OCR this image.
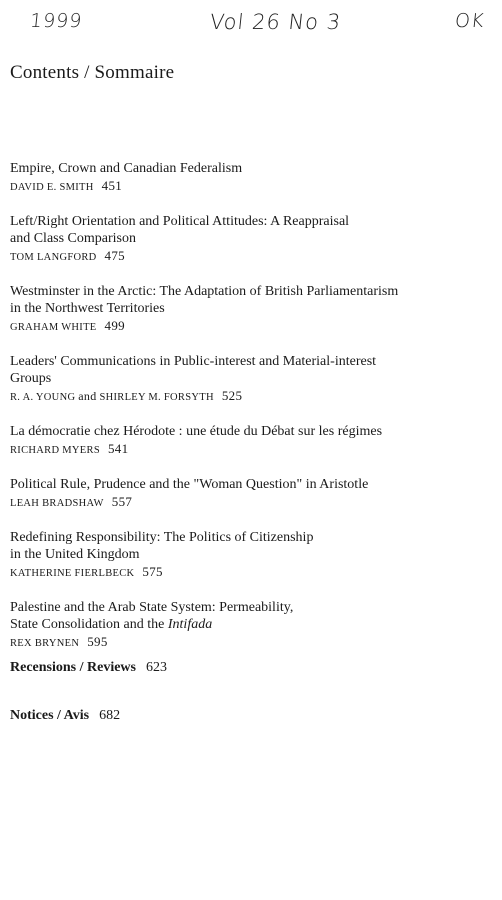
1999	Vol 26 No 3	OK
Contents / Sommaire
Empire, Crown and Canadian Federalism
DAVID E. SMITH 451
Left/Right Orientation and Political Attitudes: A Reappraisal
and Class Comparison
TOM LANGFORD 475
Westminster in the Arctic: The Adaptation of British Parliamentarism
in the Northwest Territories
GRAHAM WHITE 499
Leaders' Communications in Public-interest and Material-interest
Groups
R. A. YOUNG and SHIRLEY M. FORSYTH 525
La démocratie chez Hérodote : une étude du Débat sur les régimes
RICHARD MYERS 541
Political Rule, Prudence and the "Woman Question" in Aristotle
LEAH BRADSHAW 557
Redefining Responsibility: The Politics of Citizenship
in the United Kingdom
KATHERINE FIERLBECK 575
Palestine and the Arab State System: Permeability,
State Consolidation and the Intifada
REX BRYNEN 595
Recensions / Reviews 623
Notices / Avis 682
